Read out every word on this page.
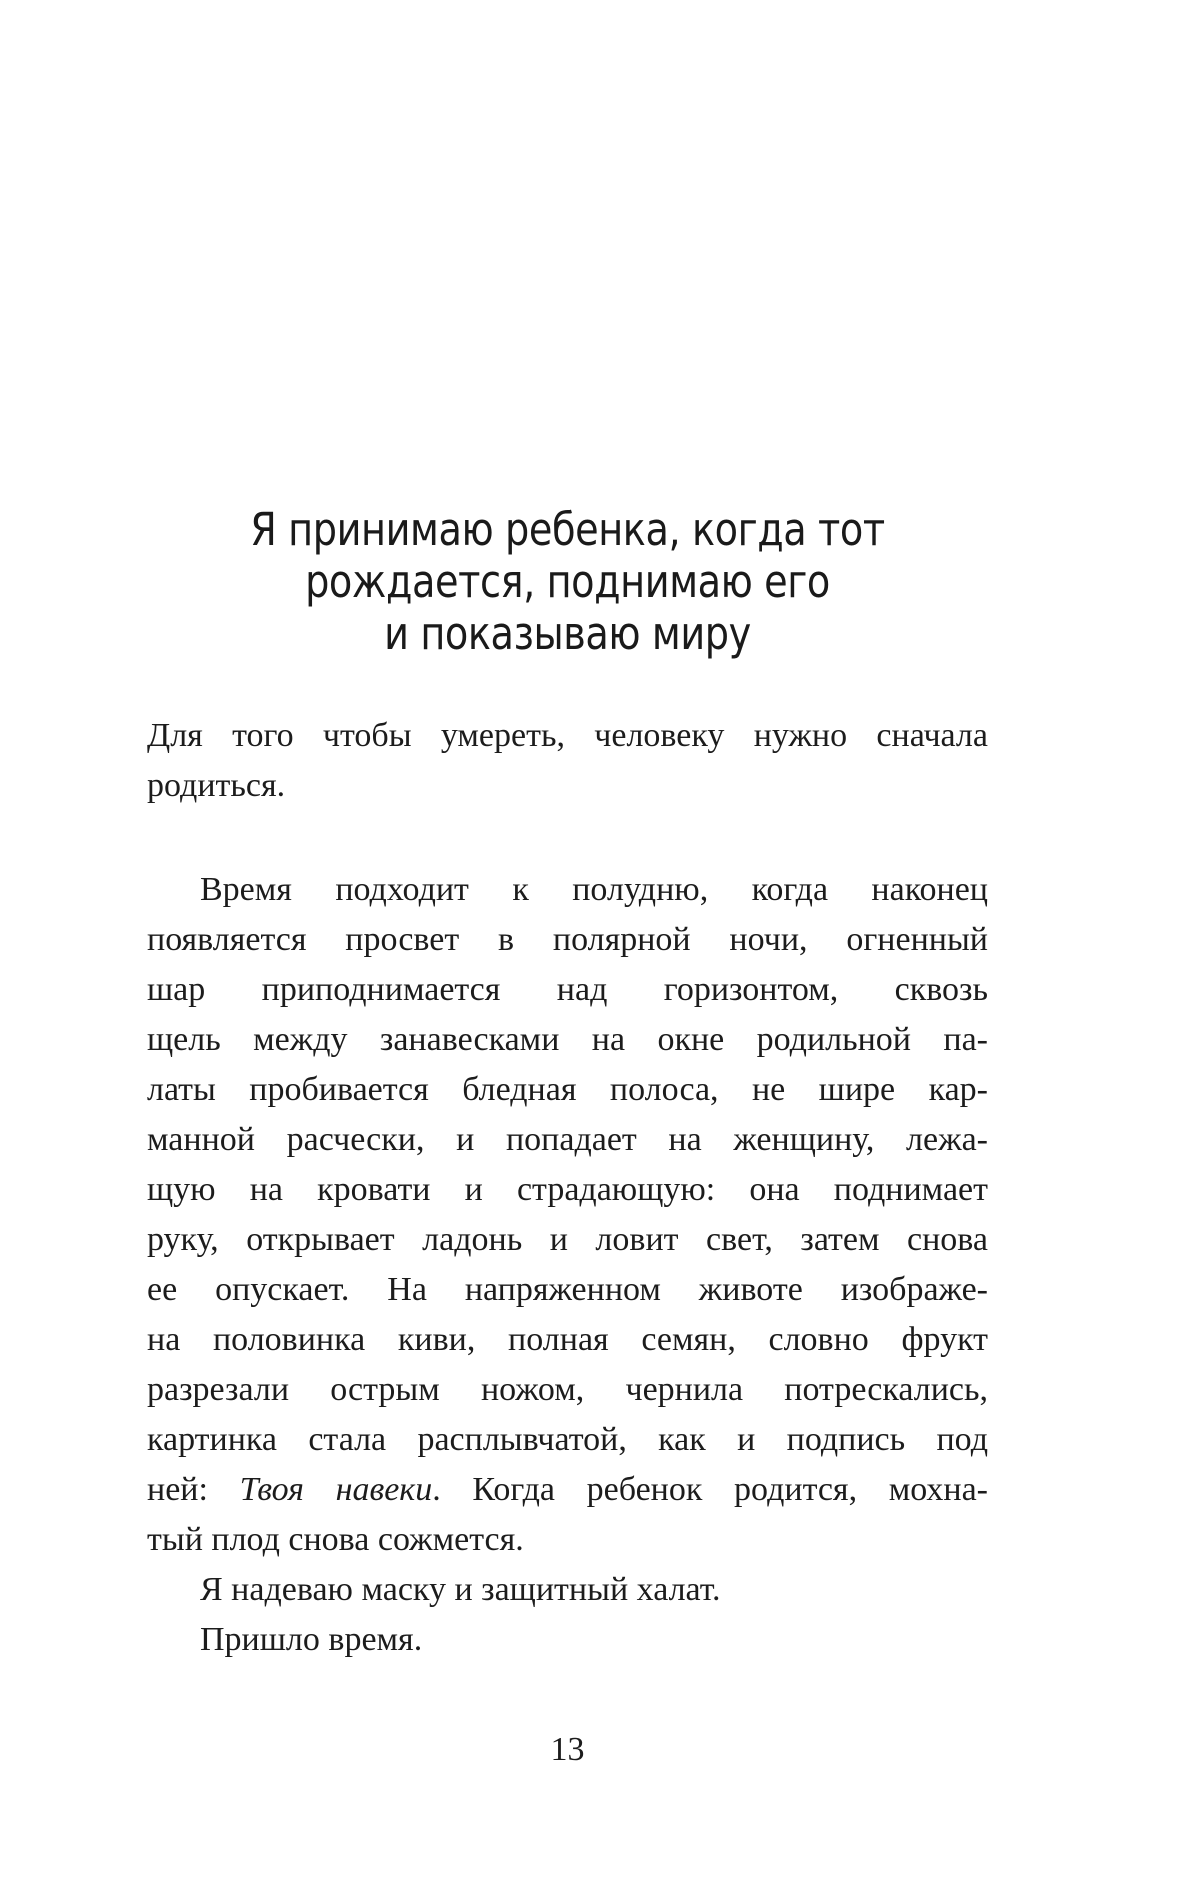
Я принимаю ребенка, когда тот
рождается, поднимаю его
и показываю миру
Для того чтобы умереть, человеку нужно сначала
родиться.
Время подходит к полудню, когда наконец
появляется просвет в полярной ночи, огненный
шар приподнимается над горизонтом, сквозь
щель между занавесками на окне родильной па-
латы пробивается бледная полоса, не шире кар-
манной расчески, и попадает на женщину, лежа-
щую на кровати и страдающую: она поднимает
руку, открывает ладонь и ловит свет, затем снова
ее опускает. На напряженном животе изображе-
на половинка киви, полная семян, словно фрукт
разрезали острым ножом, чернила потрескались,
картинка стала расплывчатой, как и подпись под
ней: Твоя навеки. Когда ребенок родится, мохна-
тый плод снова сожмется.
Я надеваю маску и защитный халат.
Пришло время.
13
